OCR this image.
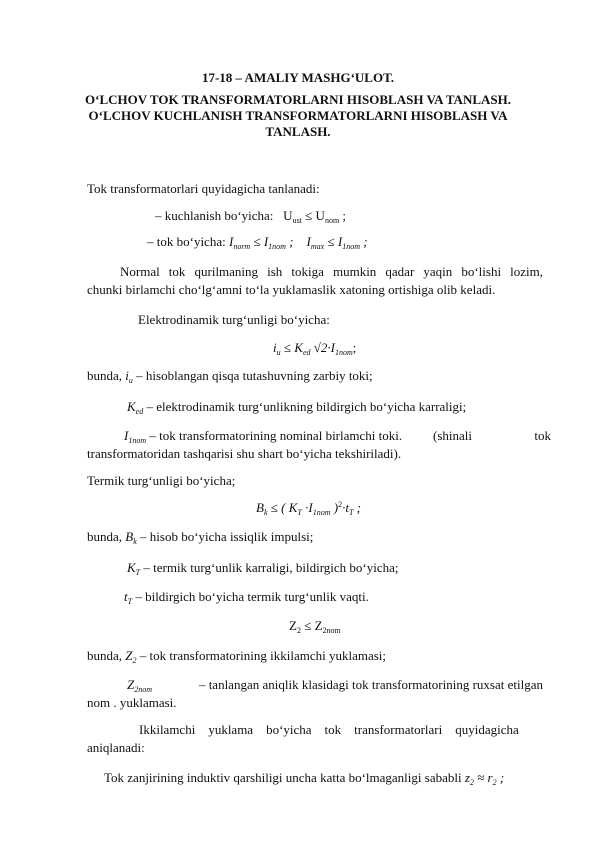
17-18 – AMALIY MASHG‘ULOT.
O‘LCHOV TOK TRANSFORMATORLARNI HISOBLASH VA TANLASH.
O‘LCHOV KUCHLANISH TRANSFORMATORLARNI HISOBLASH VA
TANLASH.
Tok transformatorlari quyidagicha tanlanadi:
– kuchlanish bo‘yicha: $U_{ust} \le U_{nom}$ ;
– tok bo‘yicha: $I_{norm} \le I_{1nom}$ ; $I_{max} \le I_{1nom}$ ;
Normal tok qurilmaning ish tokiga mumkin qadar yaqin bo‘lishi lozim,
chunki birlamchi cho‘lg‘amni to‘la yuklamaslik xatoning ortishiga olib keladi.
Elektrodinamik turg‘unligi bo‘yicha:
$i_u \le K_{ed}$ $√2\cdot I_{1nom}$;
bunda, $i_u$ – hisoblangan qisqa tutashuvning zarbiy toki;
$K_{ed}$ – elektrodinamik turg‘unlikning bildirgich bo‘yicha karraligi;
$I_{1nom}$ – tok transformatorining nominal birlamchi toki. (shinali	tok
transformatoridan tashqarisi shu shart bo‘yicha tekshiriladi).
Termik turg‘unligi bo‘yicha;
$B_k$ ≤ ( $K_T \cdot I_{1nom}$ )$^2\cdot t_T$ ;
bunda, $B_k$ – hisob bo‘yicha issiqlik impulsi;
$K_T$ – termik turg‘unlik karraligi, bildirgich bo‘yicha;
$t_T$ – bildirgich bo‘yicha termik turg‘unlik vaqti.
$Z_2 \le Z_{2nom}$
bunda, $Z_2$ – tok transformatorining ikkilamchi yuklamasi;
$Z_{2nom}$	– tanlangan aniqlik klasidagi tok transformatorining ruxsat etilgan
nom . yuklamasi.
Ikkilamchi    yuklama    bo‘yicha    tok    transformatorlari    quyidagicha
aniqlanadi:
Tok zanjirining induktiv qarshiligi uncha katta bo‘lmaganligi sababli $z_2 \approx r_2$ ;
